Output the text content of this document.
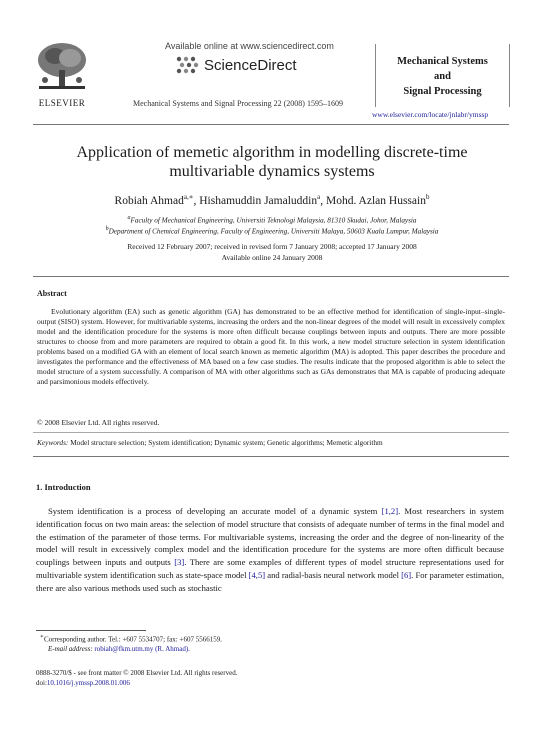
ELSEVIER
Available online at www.sciencedirect.com
ScienceDirect
Mechanical Systems and Signal Processing 22 (2008) 1595–1609
Mechanical Systems
and
Signal Processing
www.elsevier.com/locate/jnlabr/ymssp
Application of memetic algorithm in modelling discrete-time
multivariable dynamics systems
Robiah Ahmad$^{a,∗}$, Hishamuddin Jamaluddin$^a$, Mohd. Azlan Hussain$^b$
$^a$Faculty of Mechanical Engineering, Universiti Teknologi Malaysia, 81310 Skudai, Johor, Malaysia
$^b$Department of Chemical Engineering, Faculty of Engineering, Universiti Malaya, 50603 Kuala Lumpur, Malaysia
Received 12 February 2007; received in revised form 7 January 2008; accepted 17 January 2008
Available online 24 January 2008
Abstract
Evolutionary algorithm (EA) such as genetic algorithm (GA) has demonstrated to be an effective method for identification of single-input–single-output (SISO) system. However, for multivariable systems, increasing the orders and the non-linear degrees of the model will result in excessively complex model and the identification procedure for the systems is more often difficult because couplings between inputs and outputs. There are more possible structures to choose from and more parameters are required to obtain a good fit. In this work, a new model structure selection in system identification problems based on a modified GA with an element of local search known as memetic algorithm (MA) is adopted. This paper describes the procedure and investigates the performance and the effectiveness of MA based on a few case studies. The results indicate that the proposed algorithm is able to select the model structure of a system successfully. A comparison of MA with other algorithms such as GAs demonstrates that MA is capable of producing adequate and parsimonious models effectively.
© 2008 Elsevier Ltd. All rights reserved.
Keywords: Model structure selection; System identification; Dynamic system; Genetic algorithms; Memetic algorithm
1. Introduction
System identification is a process of developing an accurate model of a dynamic system [1,2]. Most researchers in system identification focus on two main areas: the selection of model structure that consists of adequate number of terms in the final model and the estimation of the parameter of those terms. For multivariable systems, increasing the order and the degree of non-linearity of the model will result in excessively complex model and the identification procedure for the systems are more often difficult because couplings between inputs and outputs [3]. There are some examples of different types of model structure representations used for multivariable system identification such as state-space model [4,5] and radial-basis neural network model [6]. For parameter estimation, there are also various methods used such as stochastic
∗Corresponding author. Tel.: +607 5534707; fax: +607 5566159.
E-mail address: robiah@fkm.utm.my (R. Ahmad).
0888-3270/$ - see front matter © 2008 Elsevier Ltd. All rights reserved.
doi:10.1016/j.ymssp.2008.01.006
